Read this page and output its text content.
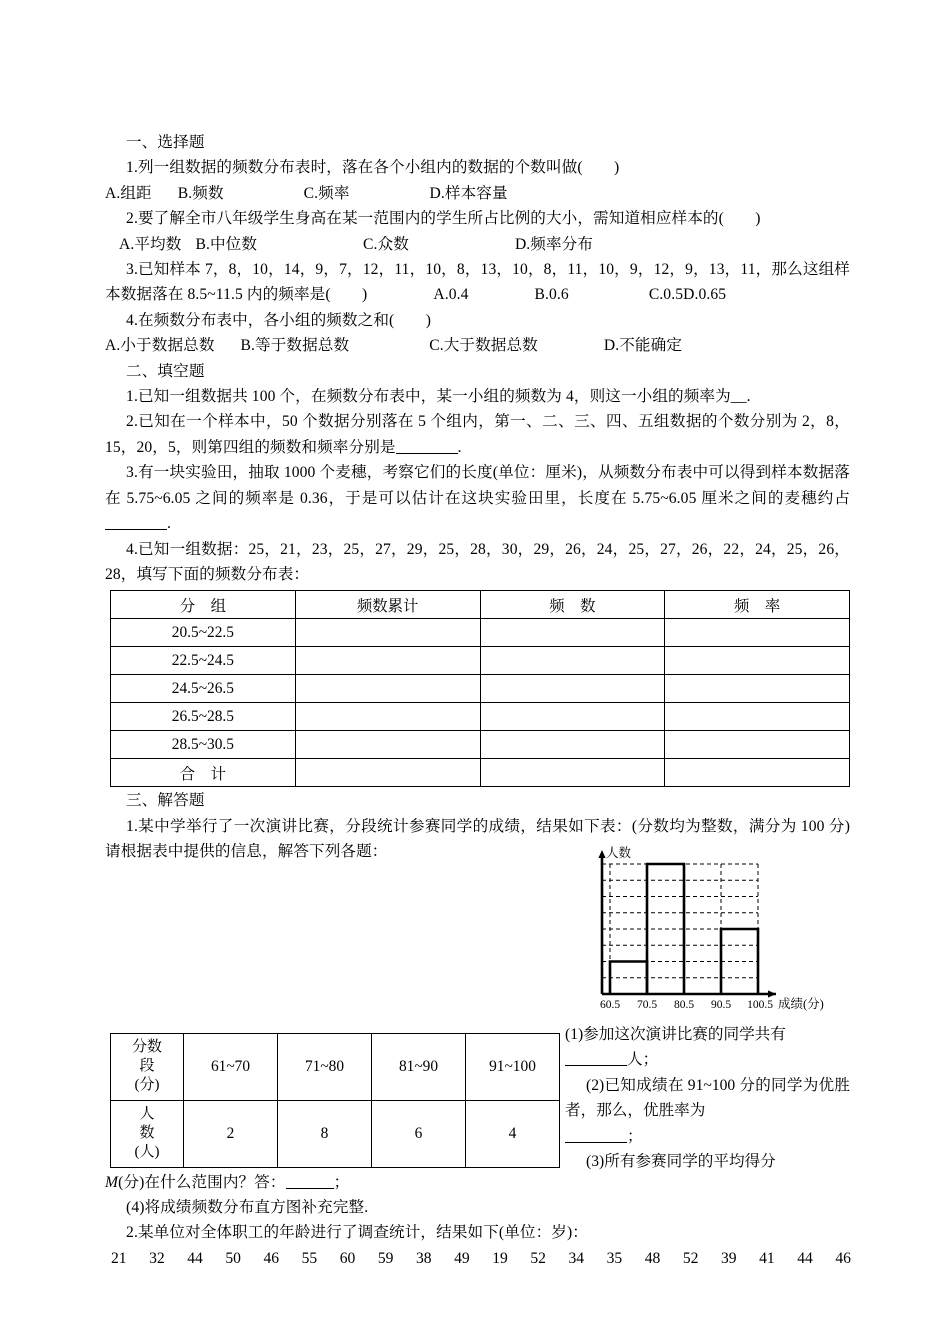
一、选择题

1.列一组数据的频数分布表时，落在各个小组内的数据的个数叫做(　　)

A.组距 B.频数	C.频率	D.样本容量

2.要了解全市八年级学生身高在某一范围内的学生所占比例的大小，需知道相应样本的(　　)

A.平均数 B.中位数	C.众数	D.频率分布

3.已知样本 7，8，10，14，9，7，12，11，10，8，13，10，8，11，10，9，12，9，13，11，那么这组样本数据落在 8.5~11.5 内的频率是(　　)	A.0.4	B.0.6	C.0.5D.0.65

4.在频数分布表中，各小组的频数之和(　　)

A.小于数据总数 B.等于数据总数	C.大于数据总数	D.不能确定

二、填空题

1.已知一组数据共 100 个，在频数分布表中，某一小组的频数为 4，则这一小组的频率为__.

2.已知在一个样本中，50 个数据分别落在 5 个组内，第一、二、三、四、五组数据的个数分别为 2，8，15，20，5，则第四组的频数和频率分别是	.

3.有一块实验田，抽取 1000 个麦穗，考察它们的长度(单位：厘米)，从频数分布表中可以得到样本数据落在 5.75~6.05 之间的频率是 0.36，于是可以估计在这块实验田里，长度在 5.75~6.05 厘米之间的麦穗约占.

4.已知一组数据：25，21，23，25，27，29，25，28，30，29，26，24，25，27，26，22，24，25，26，28，填写下面的频数分布表：

分　组	频数累计	频　数	频　率
20.5~22.5			
22.5~24.5			
24.5~26.5			
26.5~28.5			
28.5~30.5			
合　计			

三、解答题

1.某中学举行了一次演讲比赛，分段统计参赛同学的成绩，结果如下表：(分数均为整数，满分为 100 分) 请根据表中提供的信息，解答下列各题：

分数
段
(分)	61~70	71~80	81~90	91~100

人
数
(人)	2	8	6	4

M(分)在什么范围内？答：	；

(4)将成绩频数分布直方图补充完整.

2.某单位对全体职工的年龄进行了调查统计，结果如下(单位：岁)：

21 32 44 50 46 55 60 59 38 49 19 52 34 35 48 52 39 41 44 46
人数
成绩(分)
60.5 70.5 80.5 90.5 100.5

(1)参加这次演讲比赛的同学共有
人；

(2)已知成绩在 91~100 分的同学为优胜者，那么，优胜率为
；

(3)所有参赛同学的平均得分
